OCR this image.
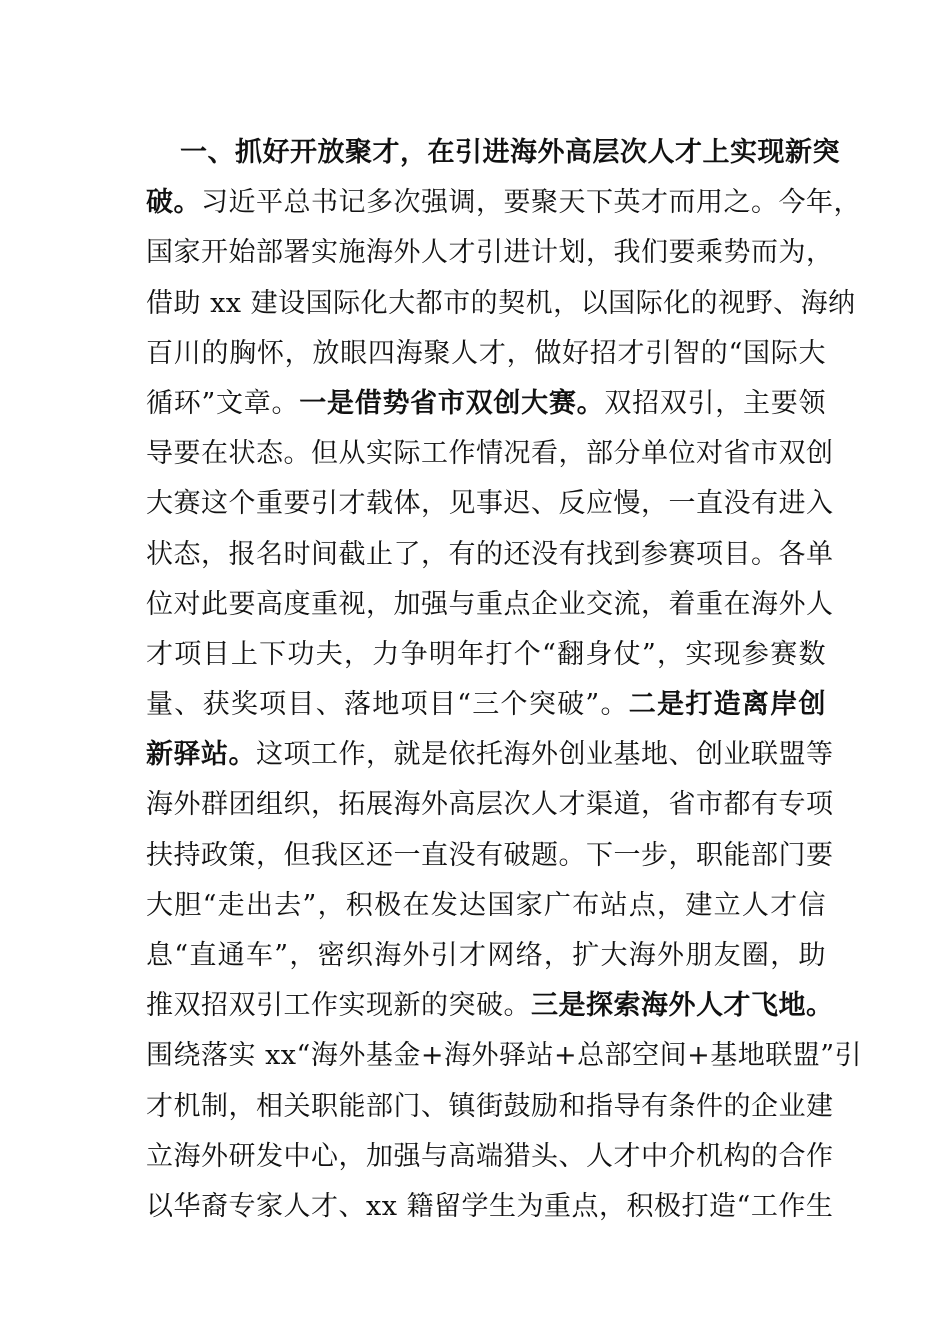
一、抓好开放聚才，在引进海外高层次人才上实现新突
破。习近平总书记多次强调，要聚天下英才而用之。今年，
国家开始部署实施海外人才引进计划，我们要乘势而为，
借助 xx 建设国际化大都市的契机，以国际化的视野、海纳
百川的胸怀，放眼四海聚人才，做好招才引智的“国际大
循环”文章。一是借势省市双创大赛。双招双引，主要领
导要在状态。但从实际工作情况看，部分单位对省市双创
大赛这个重要引才载体，见事迟、反应慢，一直没有进入
状态，报名时间截止了，有的还没有找到参赛项目。各单
位对此要高度重视，加强与重点企业交流，着重在海外人
才项目上下功夫，力争明年打个“翻身仗”，实现参赛数
量、获奖项目、落地项目“三个突破”。二是打造离岸创
新驿站。这项工作，就是依托海外创业基地、创业联盟等
海外群团组织，拓展海外高层次人才渠道，省市都有专项
扶持政策，但我区还一直没有破题。下一步，职能部门要
大胆“走出去”，积极在发达国家广布站点，建立人才信
息“直通车”，密织海外引才网络，扩大海外朋友圈，助
推双招双引工作实现新的突破。三是探索海外人才飞地。
围绕落实 xx“海外基金+海外驿站+总部空间+基地联盟”引
才机制，相关职能部门、镇街鼓励和指导有条件的企业建
立海外研发中心，加强与高端猎头、人才中介机构的合作
以华裔专家人才、xx 籍留学生为重点，积极打造“工作生
